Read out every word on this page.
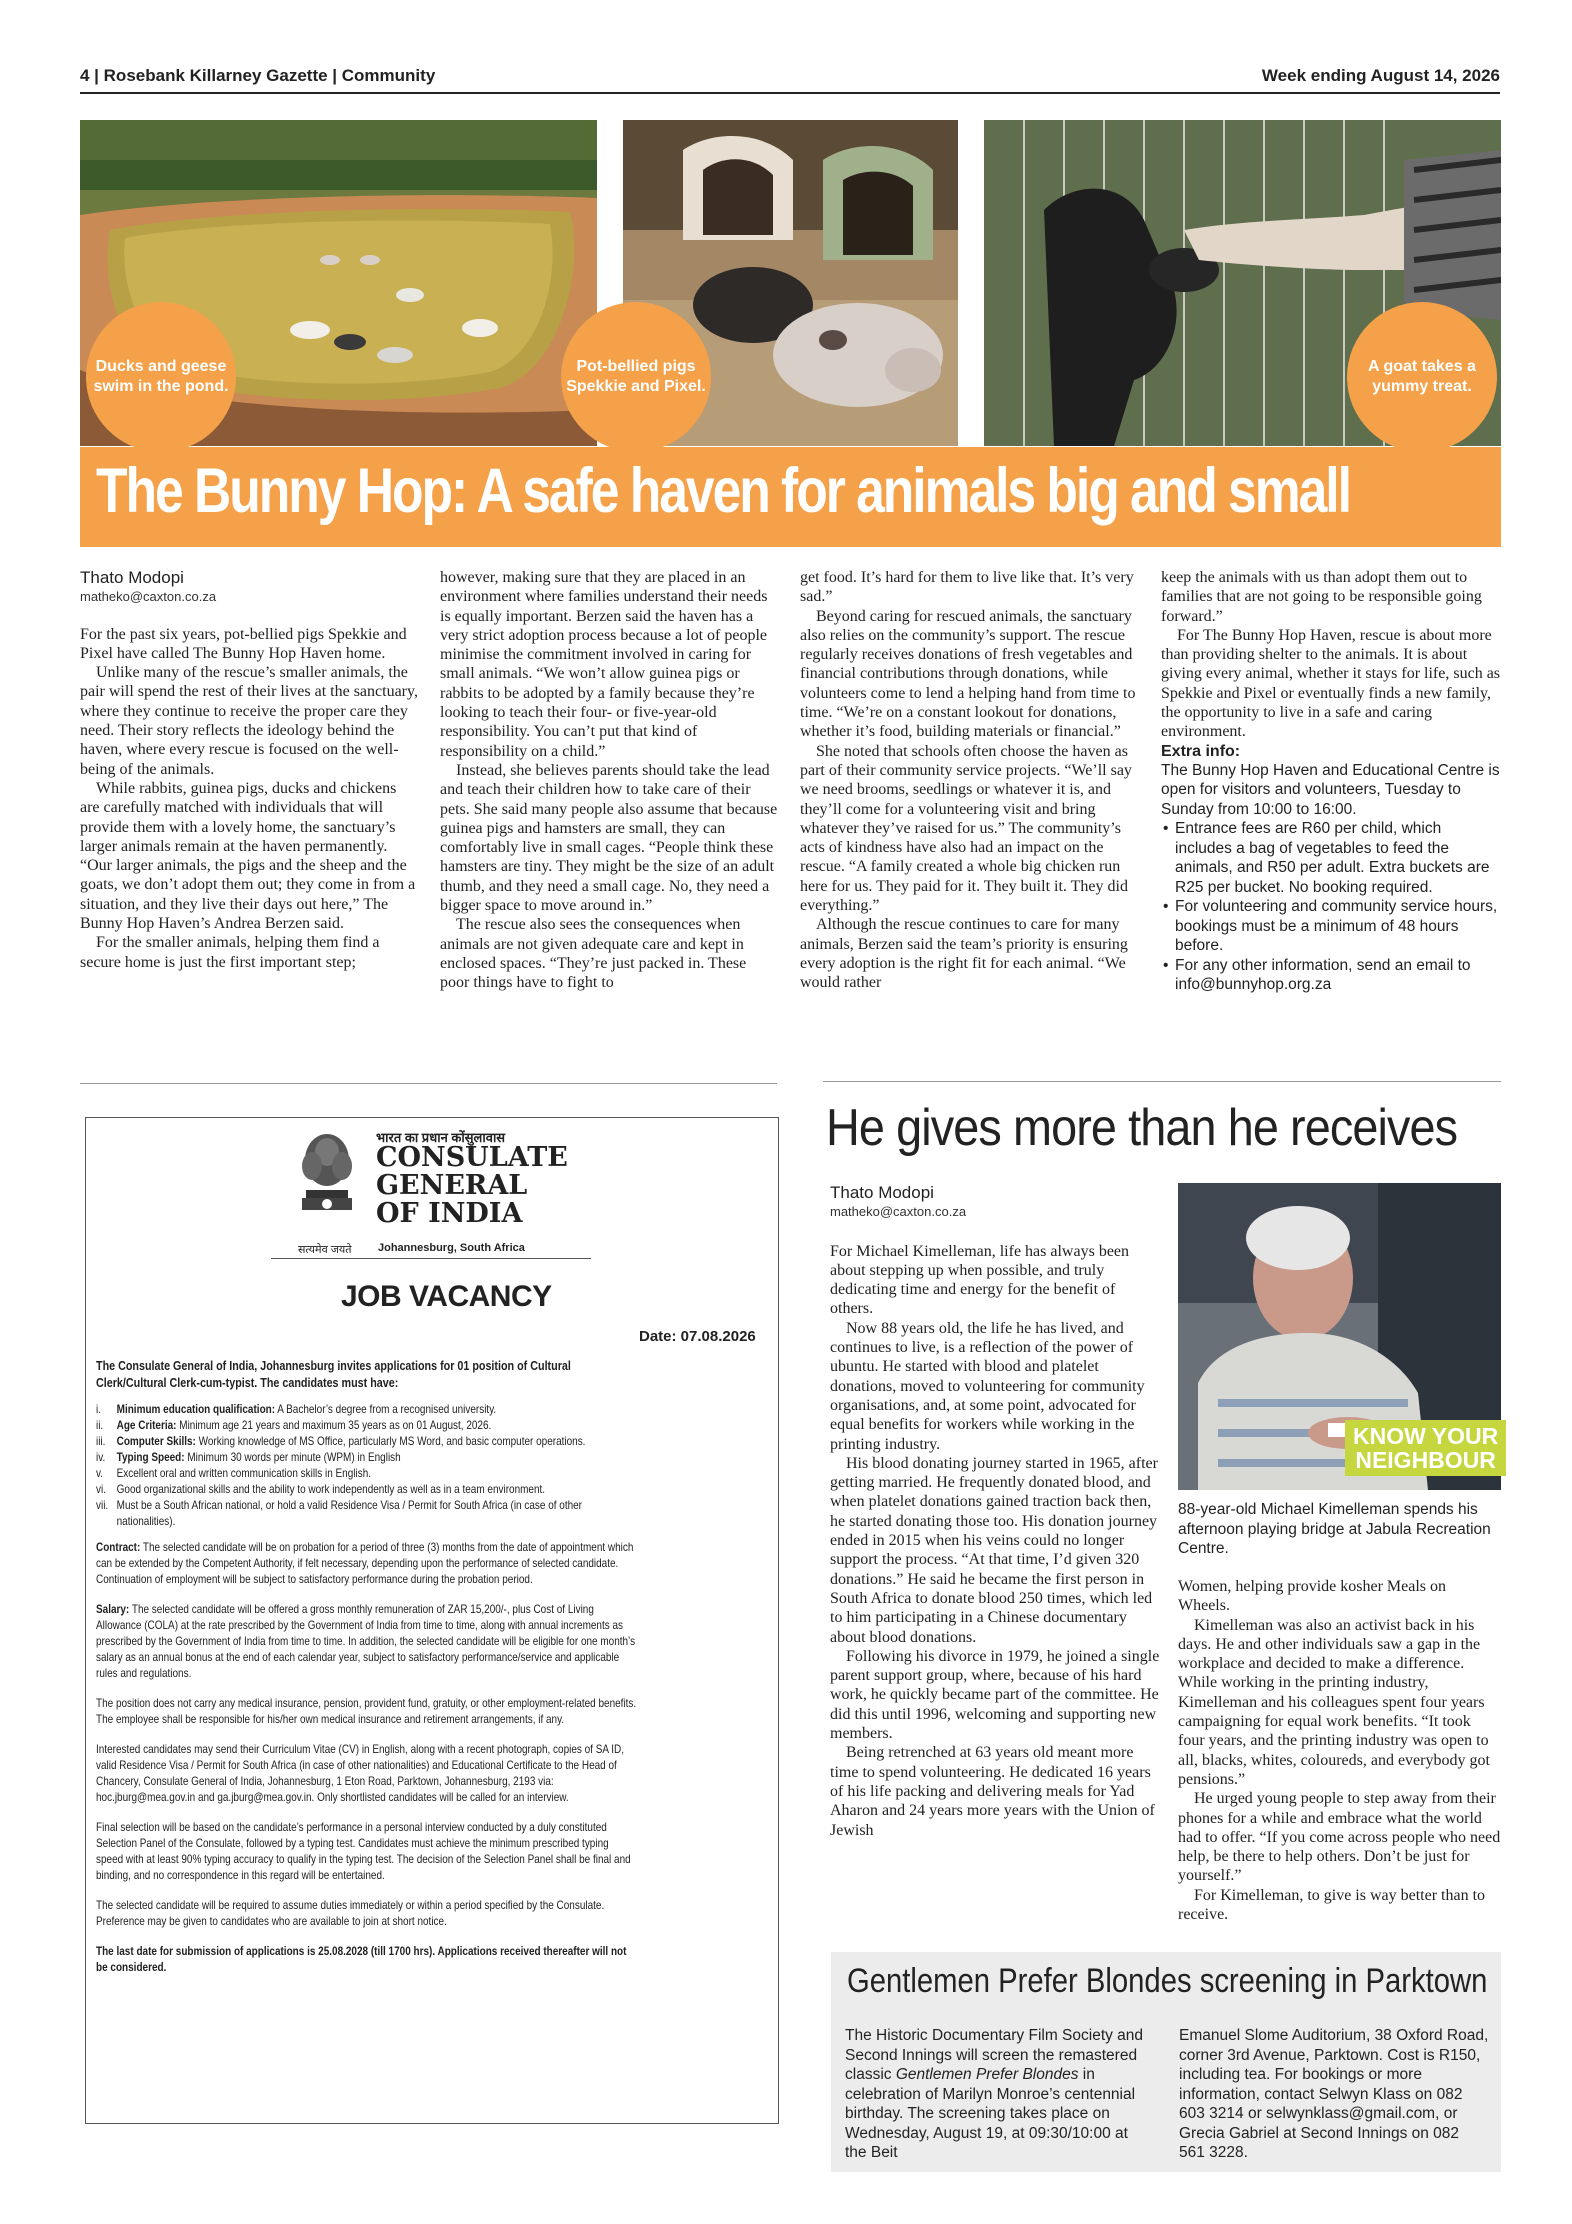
4 | Rosebank Killarney Gazette | Community	Week ending August 14, 2026
Ducks and geese swim in the pond.
Pot-bellied pigs Spekkie and Pixel.
A goat takes a yummy treat.
The Bunny Hop: A safe haven for animals big and small
Thato Modopi
matheko@caxton.co.za

For the past six years, pot-bellied pigs Spekkie and Pixel have called The Bunny Hop Haven home.

Unlike many of the rescue’s smaller animals, the pair will spend the rest of their lives at the sanctuary, where they continue to receive the proper care they need. Their story reflects the ideology behind the haven, where every rescue is focused on the well-being of the animals.

While rabbits, guinea pigs, ducks and chickens are carefully matched with individuals that will provide them with a lovely home, the sanctuary’s larger animals remain at the haven permanently. “Our larger animals, the pigs and the sheep and the goats, we don’t adopt them out; they come in from a situation, and they live their days out here,” The Bunny Hop Haven’s Andrea Berzen said.

For the smaller animals, helping them find a secure home is just the first important step;

however, making sure that they are placed in an environment where families understand their needs is equally important. Berzen said the haven has a very strict adoption process because a lot of people minimise the commitment involved in caring for small animals. “We won’t allow guinea pigs or rabbits to be adopted by a family because they’re looking to teach their four- or five-year-old responsibility. You can’t put that kind of responsibility on a child.”

Instead, she believes parents should take the lead and teach their children how to take care of their pets. She said many people also assume that because guinea pigs and hamsters are small, they can comfortably live in small cages. “People think these hamsters are tiny. They might be the size of an adult thumb, and they need a small cage. No, they need a bigger space to move around in.”

The rescue also sees the consequences when animals are not given adequate care and kept in enclosed spaces. “They’re just packed in. These poor things have to fight to

get food. It’s hard for them to live like that. It’s very sad.”

Beyond caring for rescued animals, the sanctuary also relies on the community’s support. The rescue regularly receives donations of fresh vegetables and financial contributions through donations, while volunteers come to lend a helping hand from time to time. “We’re on a constant lookout for donations, whether it’s food, building materials or financial.”

She noted that schools often choose the haven as part of their community service projects. “We’ll say we need brooms, seedlings or whatever it is, and they’ll come for a volunteering visit and bring whatever they’ve raised for us.” The community’s acts of kindness have also had an impact on the rescue. “A family created a whole big chicken run here for us. They paid for it. They built it. They did everything.”

Although the rescue continues to care for many animals, Berzen said the team’s priority is ensuring every adoption is the right fit for each animal. “We would rather

keep the animals with us than adopt them out to families that are not going to be responsible going forward.”

For The Bunny Hop Haven, rescue is about more than providing shelter to the animals. It is about giving every animal, whether it stays for life, such as Spekkie and Pixel or eventually finds a new family, the opportunity to live in a safe and caring environment.

Extra info:
The Bunny Hop Haven and Educational Centre is open for visitors and volunteers, Tuesday to Sunday from 10:00 to 16:00.
• Entrance fees are R60 per child, which includes a bag of vegetables to feed the animals, and R50 per adult. Extra buckets are R25 per bucket. No booking required.
• For volunteering and community service hours, bookings must be a minimum of 48 hours before.
• For any other information, send an email to info@bunnyhop.org.za
भारत का प्रधान कोंसुलावास
CONSULATE
GENERAL
OF INDIA
सत्यमेव जयते Johannesburg, South Africa
JOB VACANCY
Date: 07.08.2026
The Consulate General of India, Johannesburg invites applications for 01 position of Cultural Clerk/Cultural Clerk-cum-typist. The candidates must have:
i.	Minimum education qualification: A Bachelor’s degree from a recognised university.
ii.	Age Criteria: Minimum age 21 years and maximum 35 years as on 01 August, 2026.
iii. Computer Skills: Working knowledge of MS Office, particularly MS Word, and basic computer operations.
iv. Typing Speed: Minimum 30 words per minute (WPM) in English
v.	Excellent oral and written communication skills in English.
vi. Good organizational skills and the ability to work independently as well as in a team environment.
vii. Must be a South African national, or hold a valid Residence Visa / Permit for South Africa (in case of other nationalities).
Contract: The selected candidate will be on probation for a period of three (3) months from the date of appointment which can be extended by the Competent Authority, if felt necessary, depending upon the performance of selected candidate. Continuation of employment will be subject to satisfactory performance during the probation period.
Salary: The selected candidate will be offered a gross monthly remuneration of ZAR 15,200/-, plus Cost of Living Allowance (COLA) at the rate prescribed by the Government of India from time to time, along with annual increments as prescribed by the Government of India from time to time. In addition, the selected candidate will be eligible for one month’s salary as an annual bonus at the end of each calendar year, subject to satisfactory performance/service and applicable rules and regulations.
The position does not carry any medical insurance, pension, provident fund, gratuity, or other employment-related benefits. The employee shall be responsible for his/her own medical insurance and retirement arrangements, if any.
Interested candidates may send their Curriculum Vitae (CV) in English, along with a recent photograph, copies of SA ID, valid Residence Visa / Permit for South Africa (in case of other nationalities) and Educational Certificate to the Head of Chancery, Consulate General of India, Johannesburg, 1 Eton Road, Parktown, Johannesburg, 2193 via: hoc.jburg@mea.gov.in and ga.jburg@mea.gov.in. Only shortlisted candidates will be called for an interview.
Final selection will be based on the candidate’s performance in a personal interview conducted by a duly constituted Selection Panel of the Consulate, followed by a typing test. Candidates must achieve the minimum prescribed typing speed with at least 90% typing accuracy to qualify in the typing test. The decision of the Selection Panel shall be final and binding, and no correspondence in this regard will be entertained.
The selected candidate will be required to assume duties immediately or within a period specified by the Consulate. Preference may be given to candidates who are available to join at short notice.
The last date for submission of applications is 25.08.2028 (till 1700 hrs). Applications received thereafter will not be considered.
He gives more than he receives
Thato Modopi
matheko@caxton.co.za

For Michael Kimelleman, life has always been about stepping up when possible, and truly dedicating time and energy for the benefit of others.

Now 88 years old, the life he has lived, and continues to live, is a reflection of the power of ubuntu. He started with blood and platelet donations, moved to volunteering for community organisations, and, at some point, advocated for equal benefits for workers while working in the printing industry.

His blood donating journey started in 1965, after getting married. He frequently donated blood, and when platelet donations gained traction back then, he started donating those too. His donation journey ended in 2015 when his veins could no longer support the process. “At that time, I’d given 320 donations.” He said he became the first person in South Africa to donate blood 250 times, which led to him participating in a Chinese documentary about blood donations.

Following his divorce in 1979, he joined a single parent support group, where, because of his hard work, he quickly became part of the committee. He did this until 1996, welcoming and supporting new members.

Being retrenched at 63 years old meant more time to spend volunteering. He dedicated 16 years of his life packing and delivering meals for Yad Aharon and 24 years more years with the Union of Jewish

KNOW YOUR
NEIGHBOUR
88-year-old Michael Kimelleman spends his afternoon playing bridge at Jabula Recreation Centre.

Women, helping provide kosher Meals on Wheels.

Kimelleman was also an activist back in his days. He and other individuals saw a gap in the workplace and decided to make a difference. While working in the printing industry, Kimelleman and his colleagues spent four years campaigning for equal work benefits. “It took four years, and the printing industry was open to all, blacks, whites, coloureds, and everybody got pensions.”

He urged young people to step away from their phones for a while and embrace what the world had to offer. “If you come across people who need help, be there to help others. Don’t be just for yourself.”

For Kimelleman, to give is way better than to receive.

Gentlemen Prefer Blondes screening in Parktown
The Historic Documentary Film Society and Second Innings will screen the remastered classic Gentlemen Prefer Blondes in celebration of Marilyn Monroe’s centennial birthday. The screening takes place on Wednesday, August 19, at 09:30/10:00 at the Beit
Emanuel Slome Auditorium, 38 Oxford Road, corner 3rd Avenue, Parktown. Cost is R150, including tea. For bookings or more information, contact Selwyn Klass on 082 603 3214 or selwynklass@gmail.com, or Grecia Gabriel at Second Innings on 082 561 3228.
